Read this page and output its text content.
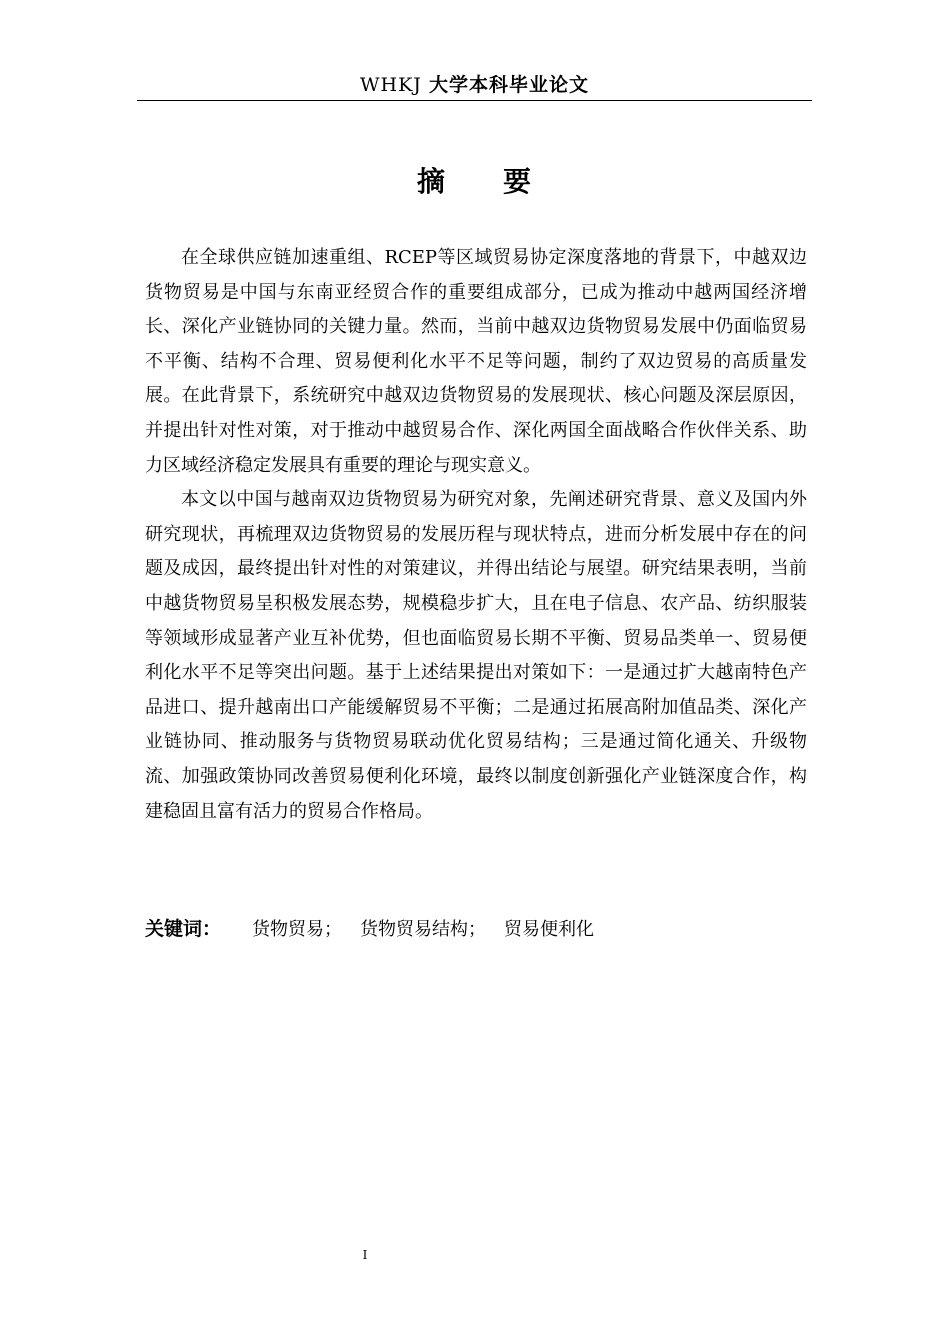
WHKJ 大学本科毕业论文
摘 要

在全球供应链加速重组、RCEP等区域贸易协定深度落地的背景下，中越双边货物贸易是中国与东南亚经贸合作的重要组成部分，已成为推动中越两国经济增长、深化产业链协同的关键力量。然而，当前中越双边货物贸易发展中仍面临贸易不平衡、结构不合理、贸易便利化水平不足等问题，制约了双边贸易的高质量发展。在此背景下，系统研究中越双边货物贸易的发展现状、核心问题及深层原因，并提出针对性对策，对于推动中越贸易合作、深化两国全面战略合作伙伴关系、助力区域经济稳定发展具有重要的理论与现实意义。

本文以中国与越南双边货物贸易为研究对象，先阐述研究背景、意义及国内外研究现状，再梳理双边货物贸易的发展历程与现状特点，进而分析发展中存在的问题及成因，最终提出针对性的对策建议，并得出结论与展望。研究结果表明，当前中越货物贸易呈积极发展态势，规模稳步扩大，且在电子信息、农产品、纺织服装等领域形成显著产业互补优势，但也面临贸易长期不平衡、贸易品类单一、贸易便利化水平不足等突出问题。基于上述结果提出对策如下：一是通过扩大越南特色产品进口、提升越南出口产能缓解贸易不平衡；二是通过拓展高附加值品类、深化产业链协同、推动服务与货物贸易联动优化贸易结构；三是通过简化通关、升级物流、加强政策协同改善贸易便利化环境，最终以制度创新强化产业链深度合作，构建稳固且富有活力的贸易合作格局。

关键词： 货物贸易； 货物贸易结构； 贸易便利化
I
